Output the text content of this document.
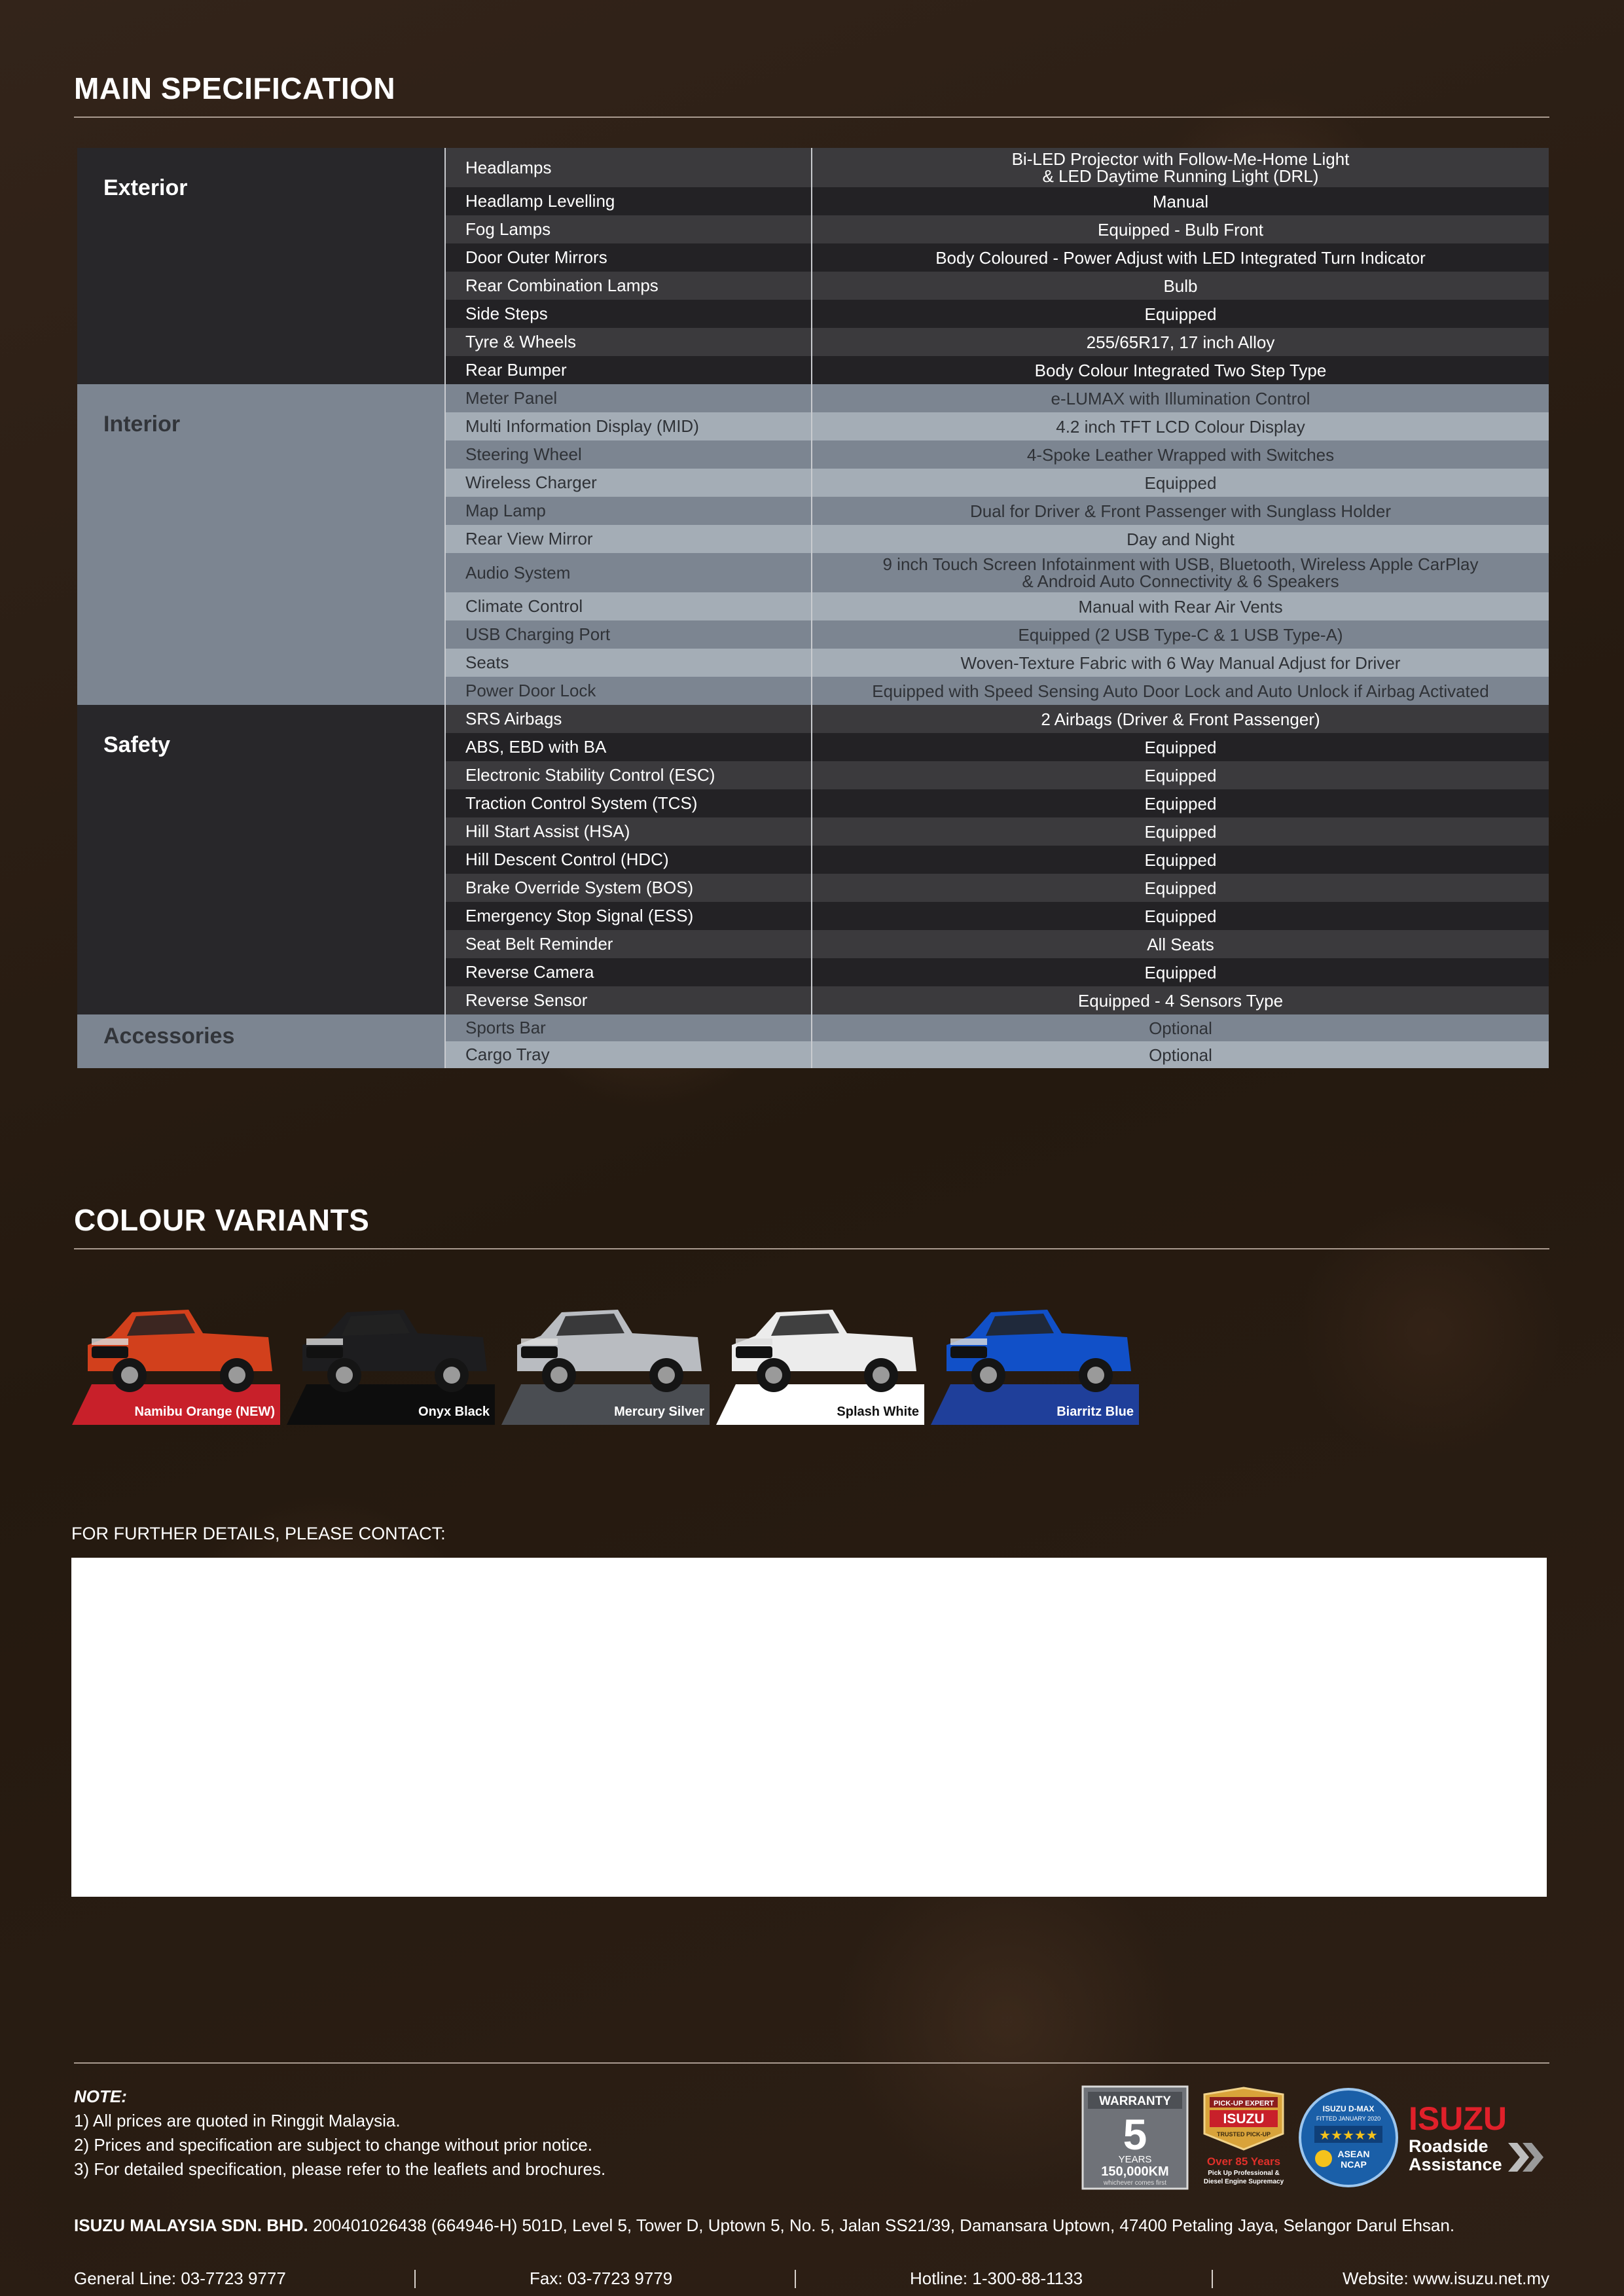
MAIN SPECIFICATION
Exterior
Headlamps	Bi-LED Projector with Follow-Me-Home Light
& LED Daytime Running Light (DRL)
Headlamp Levelling	Manual
Fog Lamps	Equipped - Bulb Front
Door Outer Mirrors	Body Coloured - Power Adjust with LED Integrated Turn Indicator
Rear Combination Lamps	Bulb
Side Steps	Equipped
Tyre & Wheels	255/65R17, 17 inch Alloy
Rear Bumper	Body Colour Integrated Two Step Type
Interior
Meter Panel	e-LUMAX with Illumination Control
Multi Information Display (MID)	4.2 inch TFT LCD Colour Display
Steering Wheel	4-Spoke Leather Wrapped with Switches
Wireless Charger	Equipped
Map Lamp	Dual for Driver & Front Passenger with Sunglass Holder
Rear View Mirror	Day and Night
Audio System	9 inch Touch Screen Infotainment with USB, Bluetooth, Wireless Apple CarPlay
& Android Auto Connectivity & 6 Speakers
Climate Control	Manual with Rear Air Vents
USB Charging Port	Equipped (2 USB Type-C & 1 USB Type-A)
Seats	Woven-Texture Fabric with 6 Way Manual Adjust for Driver
Power Door Lock	Equipped with Speed Sensing Auto Door Lock and Auto Unlock if Airbag Activated
Safety
SRS Airbags	2 Airbags (Driver & Front Passenger)
ABS, EBD with BA	Equipped
Electronic Stability Control (ESC)	Equipped
Traction Control System (TCS)	Equipped
Hill Start Assist (HSA)	Equipped
Hill Descent Control (HDC)	Equipped
Brake Override System (BOS)	Equipped
Emergency Stop Signal (ESS)	Equipped
Seat Belt Reminder	All Seats
Reverse Camera	Equipped
Reverse Sensor	Equipped - 4 Sensors Type
Accessories	Sports Bar	Optional
Cargo Tray	Optional
COLOUR VARIANTS
Namibu Orange (NEW)	Onyx Black	Mercury Silver	Splash White	Biarritz Blue
FOR FURTHER DETAILS, PLEASE CONTACT:
NOTE:
1) All prices are quoted in Ringgit Malaysia.
2) Prices and specification are subject to change without prior notice.
3) For detailed specification, please refer to the leaflets and brochures.
WARRANTY
5
YEARS
150,000KM
whichever comes first
PICK-UP EXPERT
ISUZU
TRUSTED PICK-UP
Over 85 Years
Pick Up Professional &
Diesel Engine Supremacy
ISUZU D-MAX
FITTED JANUARY 2020
★★★★★
ASEAN
NCAP
ISUZU
Roadside
Assistance
ISUZU MALAYSIA SDN. BHD. 200401026438 (664946-H) 501D, Level 5, Tower D, Uptown 5, No. 5, Jalan SS21/39, Damansara Uptown, 47400 Petaling Jaya, Selangor Darul Ehsan.
General Line: 03-7723 9777	Fax: 03-7723 9779	Hotline: 1-300-88-1133	Website: www.isuzu.net.my
